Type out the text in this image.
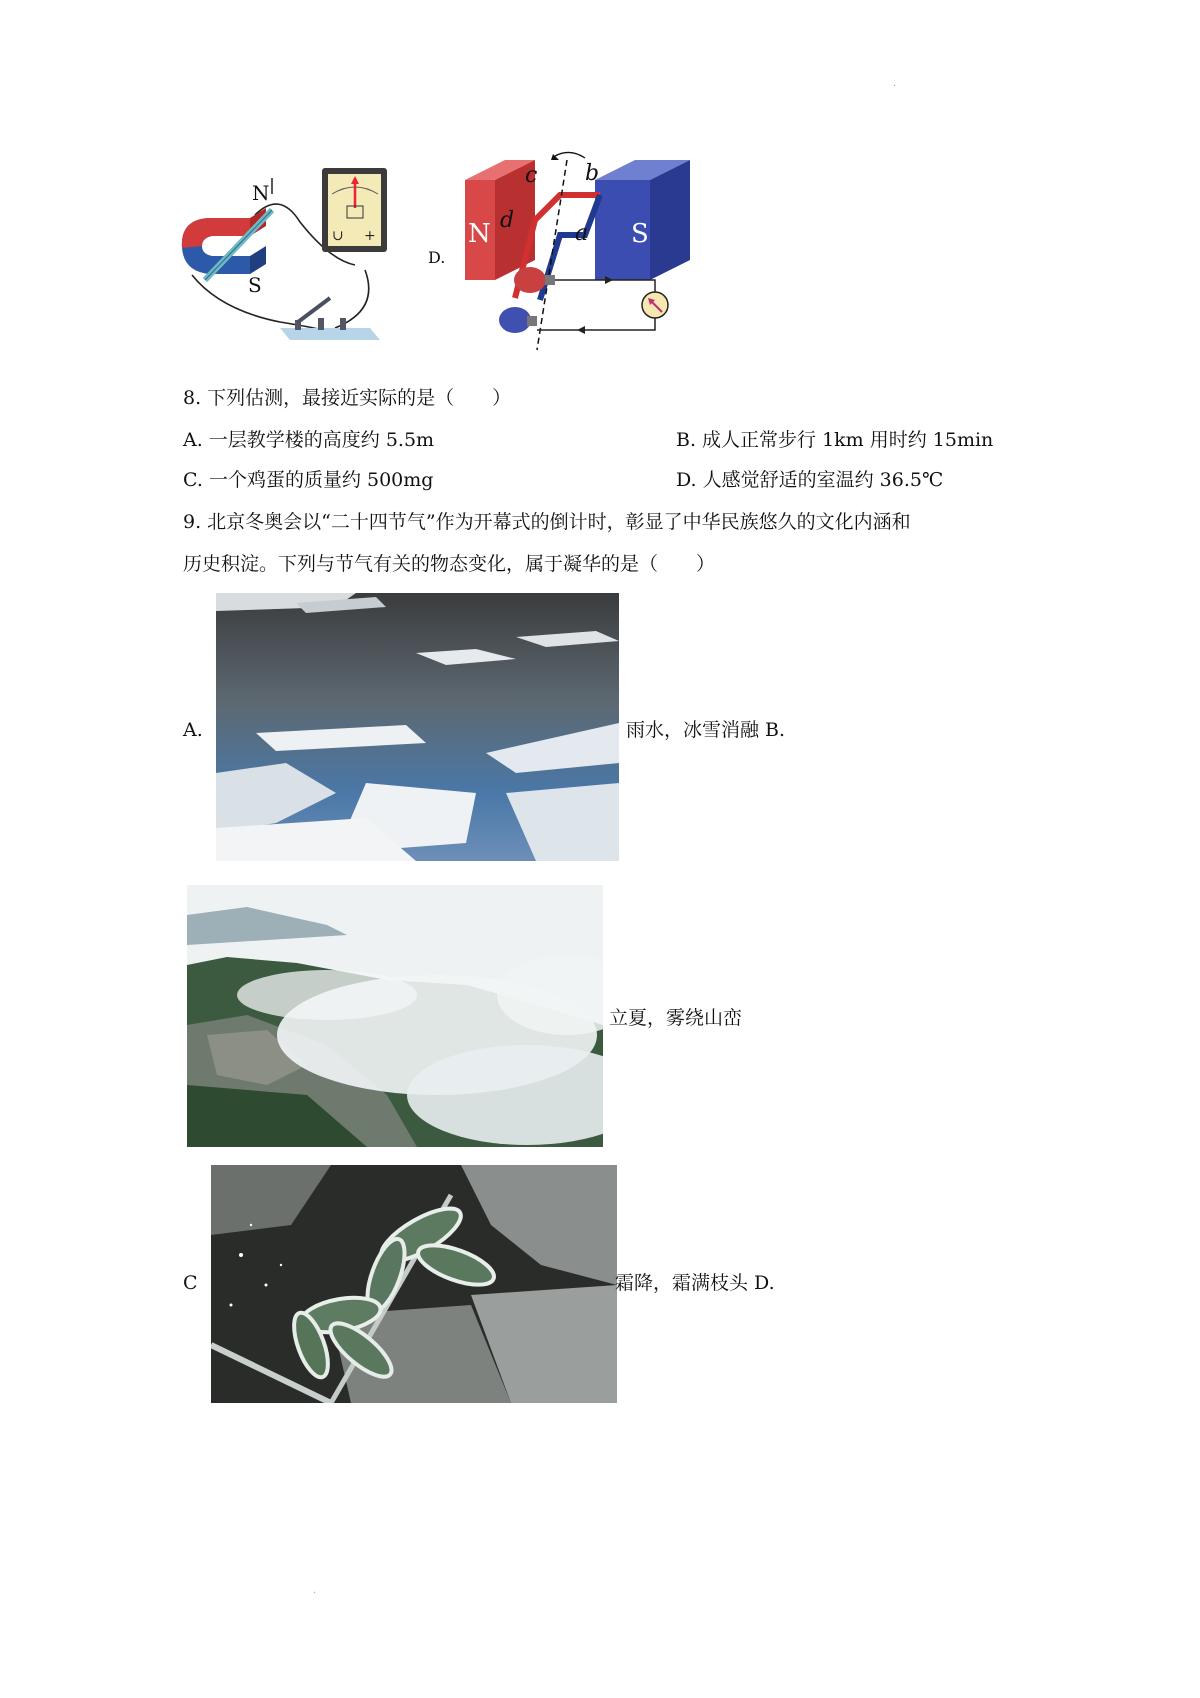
.
.
N
S
∪ +
D.
N	S
c b
d
a
8. 下列估测，最接近实际的是（　　）
A. 一层教学楼的高度约 5.5m	B. 成人正常步行 1km 用时约 15min
C. 一个鸡蛋的质量约 500mg	D. 人感觉舒适的室温约 36.5℃
9. 北京冬奥会以“二十四节气”作为开幕式的倒计时，彰显了中华民族悠久的文化内涵和
历史积淀。下列与节气有关的物态变化，属于凝华的是（　　）
A.	雨水，冰雪消融 B.
立夏，雾绕山峦
C	霜降，霜满枝头 D.
